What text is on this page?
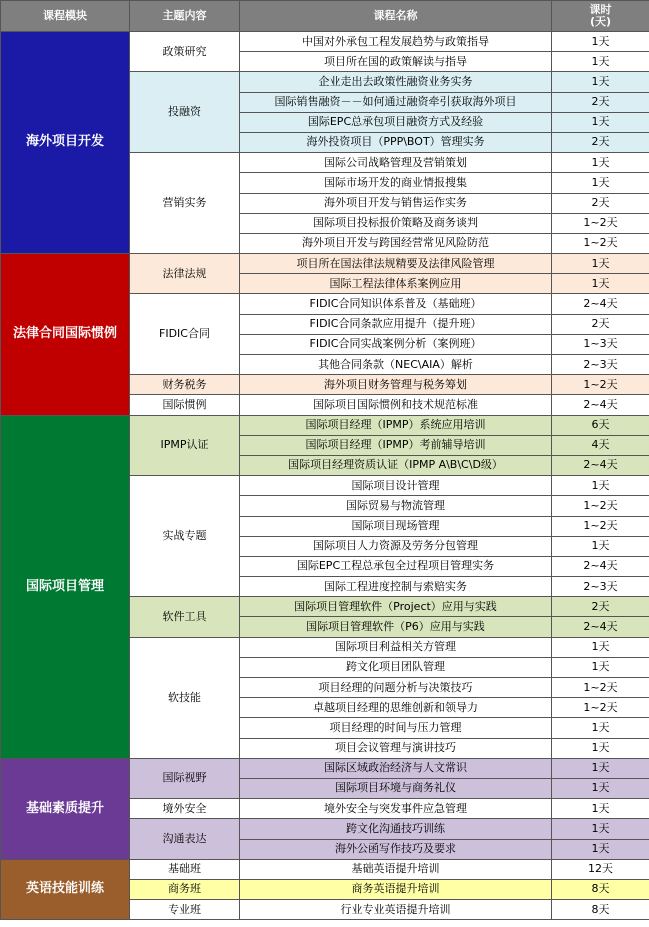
课程模块	主题内容	课程名称	课时
(天)
海外项目开发	政策研究	中国对外承包工程发展趋势与政策指导	1天
		项目所在国的政策解读与指导	1天
	投融资	企业走出去政策性融资业务实务	1天
		国际销售融资－－如何通过融资牵引获取海外项目	2天
		国际EPC总承包项目融资方式及经验	1天
		海外投资项目（PPP\BOT）管理实务	2天
	营销实务	国际公司战略管理及营销策划	1天
		国际市场开发的商业情报搜集	1天
		海外项目开发与销售运作实务	2天
		国际项目投标报价策略及商务谈判	1~2天
		海外项目开发与跨国经营常见风险防范	1~2天
法律合同国际惯例	法律法规	项目所在国法律法规精要及法律风险管理	1天
		国际工程法律体系案例应用	1天
	FIDIC合同	FIDIC合同知识体系普及（基础班）	2~4天
		FIDIC合同条款应用提升（提升班）	2天
		FIDIC合同实战案例分析（案例班）	1~3天
		其他合同条款（NEC\AIA）解析	2~3天
	财务税务	海外项目财务管理与税务筹划	1~2天
	国际惯例	国际项目国际惯例和技术规范标准	2~4天
国际项目管理	IPMP认证	国际项目经理（IPMP）系统应用培训	6天
		国际项目经理（IPMP）考前辅导培训	4天
		国际项目经理资质认证（IPMP A\B\C\D级）	2~4天
	实战专题	国际项目设计管理	1天
		国际贸易与物流管理	1~2天
		国际项目现场管理	1~2天
		国际项目人力资源及劳务分包管理	1天
		国际EPC工程总承包全过程项目管理实务	2~4天
		国际工程进度控制与索赔实务	2~3天
	软件工具	国际项目管理软件（Project）应用与实践	2天
		国际项目管理软件（P6）应用与实践	2~4天
	软技能	国际项目利益相关方管理	1天
		跨文化项目团队管理	1天
		项目经理的问题分析与决策技巧	1~2天
		卓越项目经理的思维创新和领导力	1~2天
		项目经理的时间与压力管理	1天
		项目会议管理与演讲技巧	1天
基础素质提升	国际视野	国际区域政治经济与人文常识	1天
		国际项目环境与商务礼仪	1天
	境外安全	境外安全与突发事件应急管理	1天
	沟通表达	跨文化沟通技巧训练	1天
		海外公函写作技巧及要求	1天
英语技能训练	基础班	基础英语提升培训	12天
	商务班	商务英语提升培训	8天
	专业班	行业专业英语提升培训	8天
